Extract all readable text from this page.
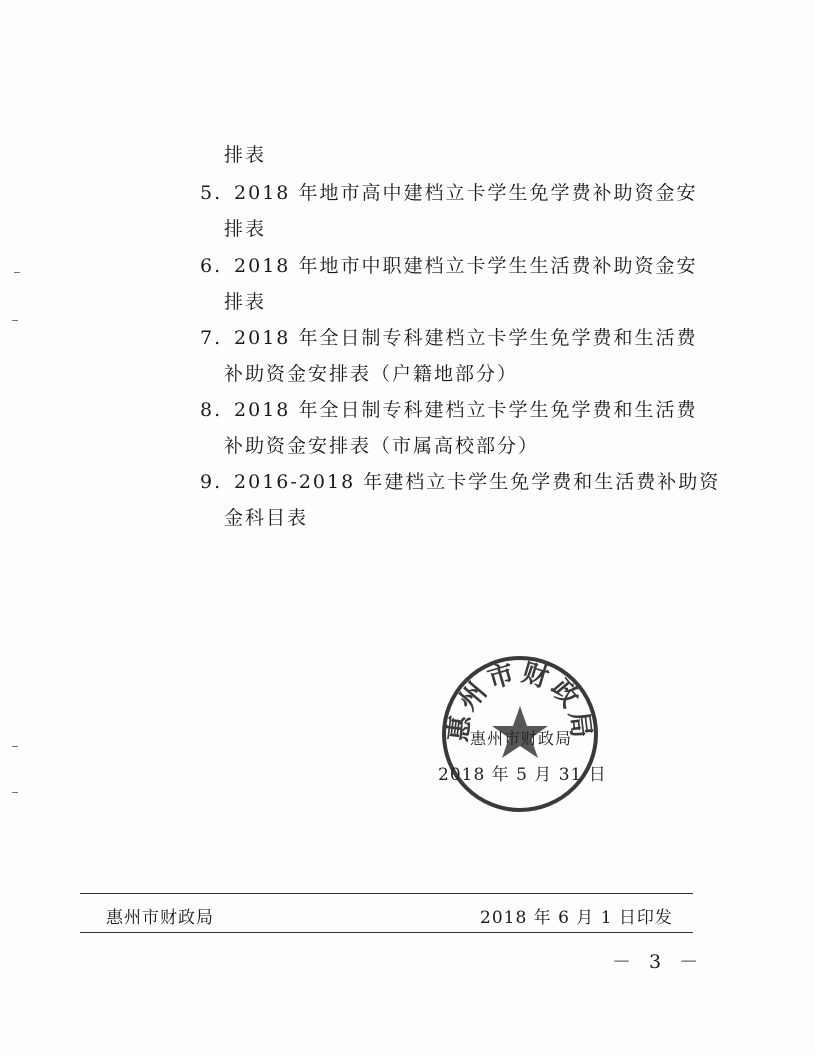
排表
5. 2018 年地市高中建档立卡学生免学费补助资金安
排表
6. 2018 年地市中职建档立卡学生生活费补助资金安
排表
7. 2018 年全日制专科建档立卡学生免学费和生活费
补助资金安排表（户籍地部分）
8. 2018 年全日制专科建档立卡学生免学费和生活费
补助资金安排表（市属高校部分）
9. 2016-2018 年建档立卡学生免学费和生活费补助资
金科目表
惠州市财政局
惠州市财政局
2018 年 5 月 31 日
惠州市财政局	2018 年 6 月 1 日印发
－ 3 －
